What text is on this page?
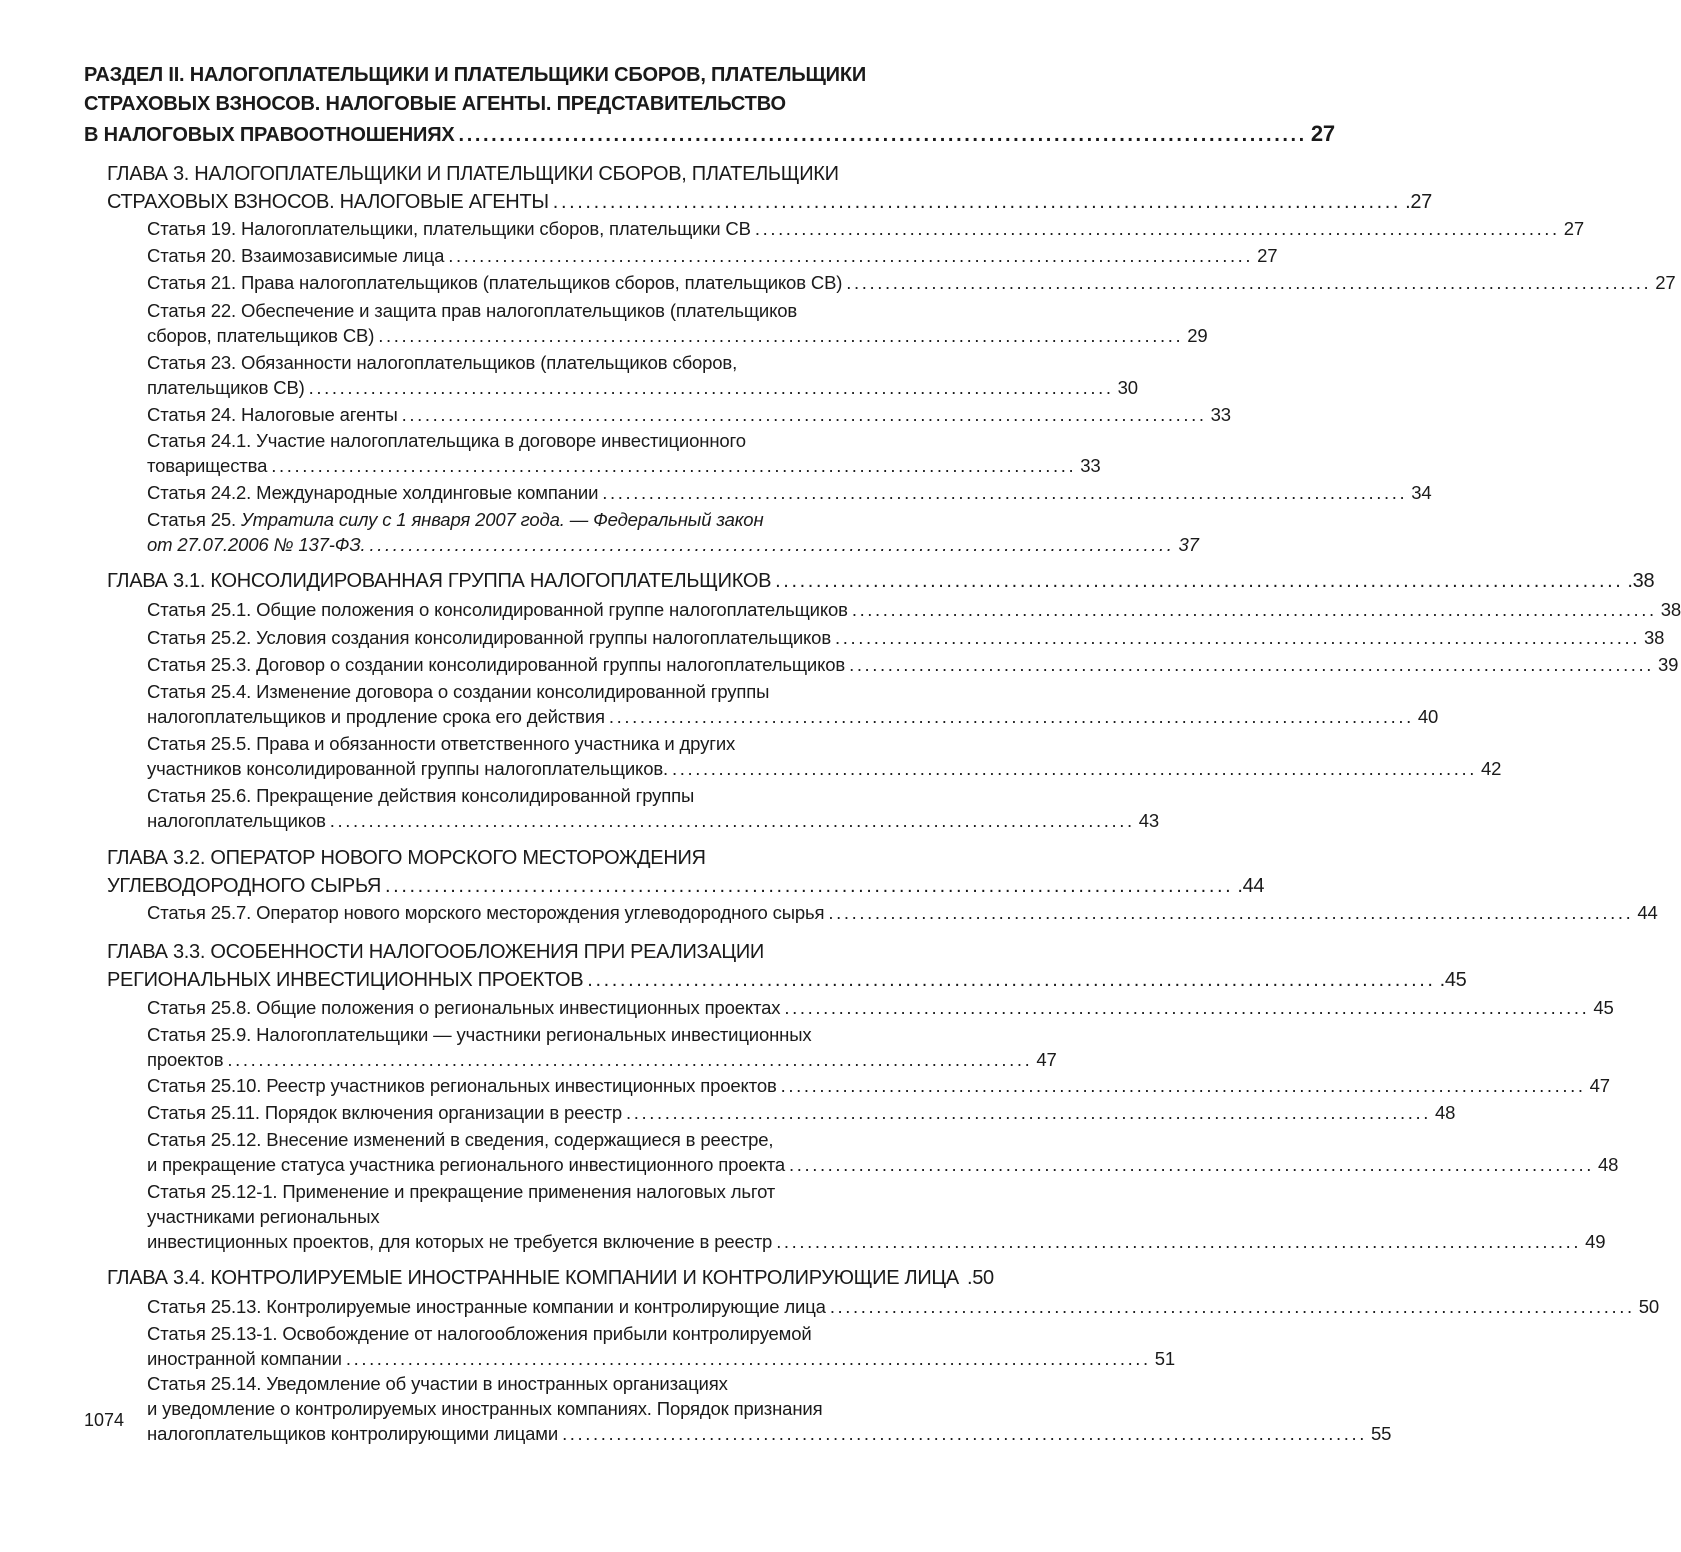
РАЗДЕЛ II. НАЛОГОПЛАТЕЛЬЩИКИ И ПЛАТЕЛЬЩИКИ СБОРОВ, ПЛАТЕЛЬЩИКИ
СТРАХОВЫХ ВЗНОСОВ. НАЛОГОВЫЕ АГЕНТЫ. ПРЕДСТАВИТЕЛЬСТВО
В НАЛОГОВЫХ ПРАВООТНОШЕНИЯХ ........................................................................................................ 27
ГЛАВА 3. НАЛОГОПЛАТЕЛЬЩИКИ И ПЛАТЕЛЬЩИКИ СБОРОВ, ПЛАТЕЛЬЩИКИ
СТРАХОВЫХ ВЗНОСОВ. НАЛОГОВЫЕ АГЕНТЫ ........................................................................................................ .27
Статья 19. Налогоплательщики, плательщики сборов, плательщики СВ ........................................................................................................ 27
Статья 20. Взаимозависимые лица ........................................................................................................ 27
Статья 21. Права налогоплательщиков (плательщиков сборов, плательщиков СВ) ........................................................................................................ 27
Статья 22. Обеспечение и защита прав налогоплательщиков (плательщиков
сборов, плательщиков СВ) ........................................................................................................ 29
Статья 23. Обязанности налогоплательщиков (плательщиков сборов,
плательщиков СВ) ........................................................................................................ 30
Статья 24. Налоговые агенты ........................................................................................................ 33
Статья 24.1. Участие налогоплательщика в договоре инвестиционного
товарищества ........................................................................................................ 33
Статья 24.2. Международные холдинговые компании ........................................................................................................ 34
Статья 25. Утратила силу с 1 января 2007 года. — Федеральный закон
от 27.07.2006 № 137-ФЗ. ........................................................................................................ 37
ГЛАВА 3.1. КОНСОЛИДИРОВАННАЯ ГРУППА НАЛОГОПЛАТЕЛЬЩИКОВ ........................................................................................................ .38
Статья 25.1. Общие положения о консолидированной группе налогоплательщиков ........................................................................................................ 38
Статья 25.2. Условия создания консолидированной группы налогоплательщиков ........................................................................................................ 38
Статья 25.3. Договор о создании консолидированной группы налогоплательщиков ........................................................................................................ 39
Статья 25.4. Изменение договора о создании консолидированной группы
налогоплательщиков и продление срока его действия ........................................................................................................ 40
Статья 25.5. Права и обязанности ответственного участника и других
участников консолидированной группы налогоплательщиков. ........................................................................................................ 42
Статья 25.6. Прекращение действия консолидированной группы
налогоплательщиков ........................................................................................................ 43
ГЛАВА 3.2. ОПЕРАТОР НОВОГО МОРСКОГО МЕСТОРОЖДЕНИЯ
УГЛЕВОДОРОДНОГО СЫРЬЯ ........................................................................................................ .44
Статья 25.7. Оператор нового морского месторождения углеводородного сырья ........................................................................................................ 44
ГЛАВА 3.3. ОСОБЕННОСТИ НАЛОГООБЛОЖЕНИЯ ПРИ РЕАЛИЗАЦИИ
РЕГИОНАЛЬНЫХ ИНВЕСТИЦИОННЫХ ПРОЕКТОВ ........................................................................................................ .45
Статья 25.8. Общие положения о региональных инвестиционных проектах ........................................................................................................ 45
Статья 25.9. Налогоплательщики — участники региональных инвестиционных
проектов ........................................................................................................ 47
Статья 25.10. Реестр участников региональных инвестиционных проектов ........................................................................................................ 47
Статья 25.11. Порядок включения организации в реестр ........................................................................................................ 48
Статья 25.12. Внесение изменений в сведения, содержащиеся в реестре,
и прекращение статуса участника регионального инвестиционного проекта ........................................................................................................ 48
Статья 25.12-1. Применение и прекращение применения налоговых льгот
участниками региональных
инвестиционных проектов, для которых не требуется включение в реестр ........................................................................................................ 49
ГЛАВА 3.4. КОНТРОЛИРУЕМЫЕ ИНОСТРАННЫЕ КОМПАНИИ И КОНТРОЛИРУЮЩИЕ ЛИЦА .50
Статья 25.13. Контролируемые иностранные компании и контролирующие лица ........................................................................................................ 50
Статья 25.13-1. Освобождение от налогообложения прибыли контролируемой
иностранной компании ........................................................................................................ 51
Статья 25.14. Уведомление об участии в иностранных организациях
и уведомление о контролируемых иностранных компаниях. Порядок признания
налогоплательщиков контролирующими лицами ........................................................................................................ 55
1074
